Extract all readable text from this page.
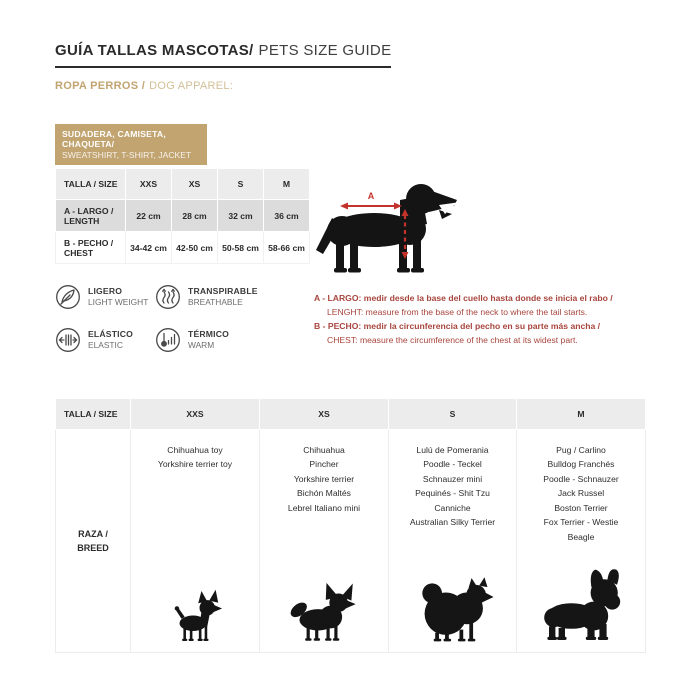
GUÍA TALLAS MASCOTAS/ PETS SIZE GUIDE
ROPA PERROS / DOG APPAREL:
SUDADERA, CAMISETA, CHAQUETA/
SWEATSHIRT, T-SHIRT, JACKET
TALLA / SIZE	XXS	XS	S	M
A - LARGO / LENGTH	22 cm	28 cm	32 cm	36 cm
B - PECHO / CHEST	34-42 cm	42-50 cm	50-58 cm	58-66 cm
A
LIGERO
LIGHT WEIGHT
TRANSPIRABLE
BREATHABLE
ELÁSTICO
ELASTIC
TÉRMICO
WARM
A - LARGO: medir desde la base del cuello hasta donde se inicia el rabo /
LENGHT: measure from the base of the neck to where the tail starts.
B - PECHO: medir la circunferencia del pecho en su parte más ancha /
CHEST: measure the circumference of the chest at its widest part.
TALLA / SIZE	XXS	XS	S	M

RAZA /
BREED

Chihuahua toy
Yorkshire terrier toy

Chihuahua
Pincher
Yorkshire terrier
Bichón Maltés
Lebrel Italiano mini

Lulú de Pomerania
Poodle - Teckel
Schnauzer mini
Pequinés - Shit Tzu
Canniche
Australian Silky Terrier

Pug / Carlino
Bulldog Franchés
Poodle - Schnauzer
Jack Russel
Boston Terrier
Fox Terrier - Westie
Beagle
